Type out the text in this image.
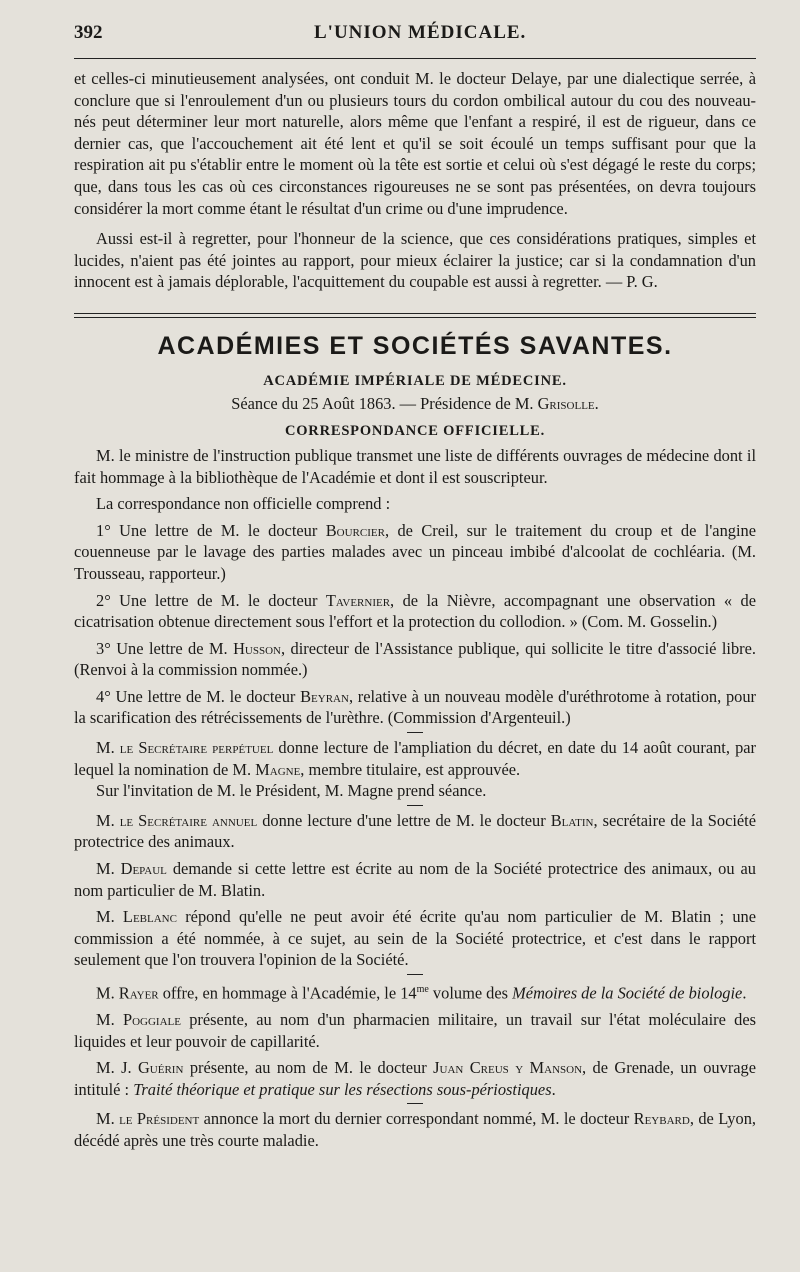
392	L'UNION MÉDICALE.

et celles-ci minutieusement analysées, ont conduit M. le docteur Delaye, par une dialectique serrée, à conclure que si l'enroulement d'un ou plusieurs tours du cordon ombilical autour du cou des nouveau-nés peut déterminer leur mort naturelle, alors même que l'enfant a respiré, il est de rigueur, dans ce dernier cas, que l'accouchement ait été lent et qu'il se soit écoulé un temps suffisant pour que la respiration ait pu s'établir entre le moment où la tête est sortie et celui où s'est dégagé le reste du corps; que, dans tous les cas où ces circonstances rigoureuses ne se sont pas présentées, on devra toujours considérer la mort comme étant le résultat d'un crime ou d'une imprudence.

Aussi est-il à regretter, pour l'honneur de la science, que ces considérations pratiques, simples et lucides, n'aient pas été jointes au rapport, pour mieux éclairer la justice; car si la condamnation d'un innocent est à jamais déplorable, l'acquittement du coupable est aussi à regretter. — P. G.

ACADÉMIES ET SOCIÉTÉS SAVANTES.
ACADÉMIE IMPÉRIALE DE MÉDECINE.
Séance du 25 Août 1863. — Présidence de M. Grisolle.
CORRESPONDANCE OFFICIELLE.

M. le ministre de l'instruction publique transmet une liste de différents ouvrages de médecine dont il fait hommage à la bibliothèque de l'Académie et dont il est souscripteur.

La correspondance non officielle comprend :

1° Une lettre de M. le docteur Bourcier, de Creil, sur le traitement du croup et de l'angine couenneuse par le lavage des parties malades avec un pinceau imbibé d'alcoolat de cochléaria. (M. Trousseau, rapporteur.)

2° Une lettre de M. le docteur Tavernier, de la Nièvre, accompagnant une observation « de cicatrisation obtenue directement sous l'effort et la protection du collodion. » (Com. M. Gosselin.)

3° Une lettre de M. Husson, directeur de l'Assistance publique, qui sollicite le titre d'associé libre. (Renvoi à la commission nommée.)

4° Une lettre de M. le docteur Beyran, relative à un nouveau modèle d'uréthrotome à rotation, pour la scarification des rétrécissements de l'urèthre. (Commission d'Argenteuil.)

M. le Secrétaire perpétuel donne lecture de l'ampliation du décret, en date du 14 août courant, par lequel la nomination de M. Magne, membre titulaire, est approuvée.

Sur l'invitation de M. le Président, M. Magne prend séance.

M. le Secrétaire annuel donne lecture d'une lettre de M. le docteur Blatin, secrétaire de la Société protectrice des animaux.

M. Depaul demande si cette lettre est écrite au nom de la Société protectrice des animaux, ou au nom particulier de M. Blatin.

M. Leblanc répond qu'elle ne peut avoir été écrite qu'au nom particulier de M. Blatin ; une commission a été nommée, à ce sujet, au sein de la Société protectrice, et c'est dans le rapport seulement que l'on trouvera l'opinion de la Société.

M. Rayer offre, en hommage à l'Académie, le $14^{me}$ volume des Mémoires de la Société de biologie.

M. Poggiale présente, au nom d'un pharmacien militaire, un travail sur l'état moléculaire des liquides et leur pouvoir de capillarité.

M. J. Guérin présente, au nom de M. le docteur Juan Creus y Manson, de Grenade, un ouvrage intitulé : Traité théorique et pratique sur les résections sous-périostiques.

M. le Président annonce la mort du dernier correspondant nommé, M. le docteur Reybard, de Lyon, décédé après une très courte maladie.
